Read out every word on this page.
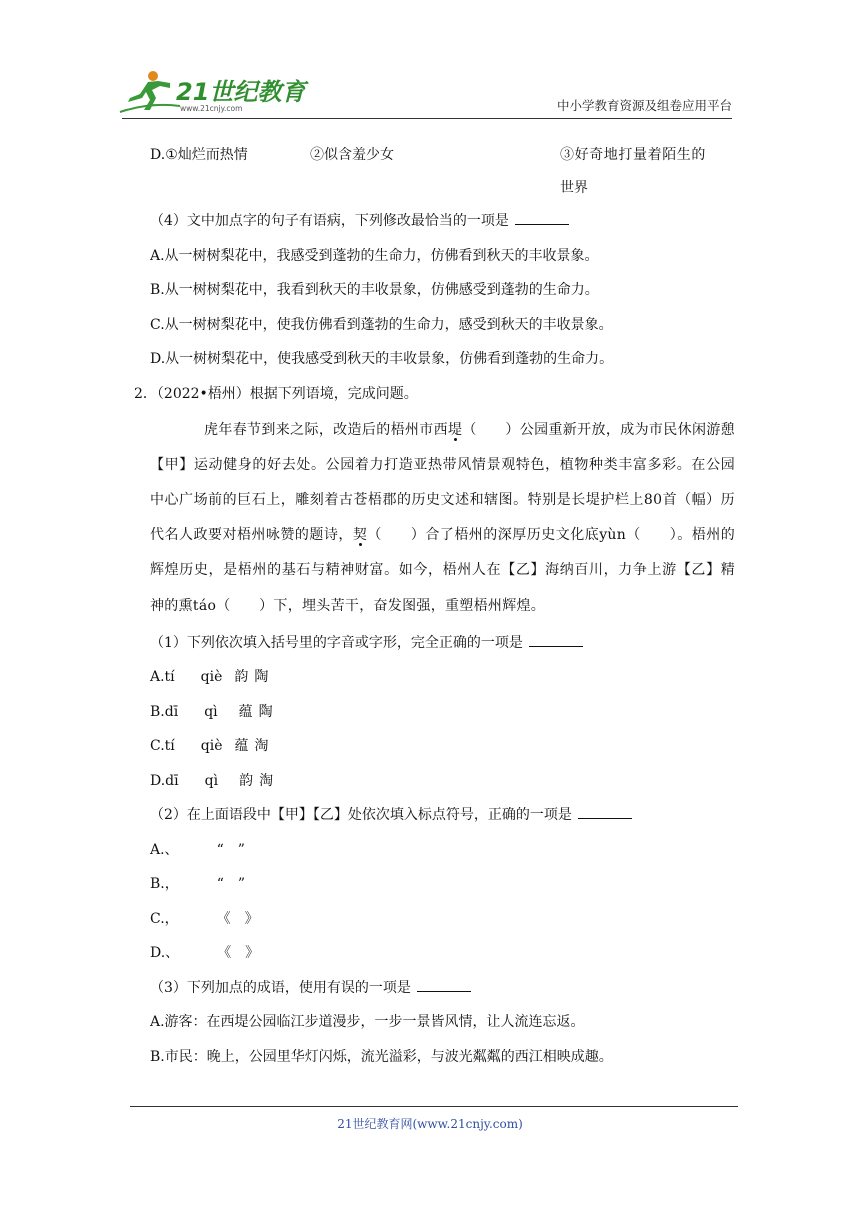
21世纪教育
www.21cnjy.com	中小学教育资源及组卷应用平台
D.①灿烂而热情	②似含羞少女	③好奇地打量着陌生的
世界
（4）文中加点字的句子有语病，下列修改最恰当的一项是
A.从一树树梨花中，我感受到蓬勃的生命力，仿佛看到秋天的丰收景象。
B.从一树树梨花中，我看到秋天的丰收景象，仿佛感受到蓬勃的生命力。
C.从一树树梨花中，使我仿佛看到蓬勃的生命力，感受到秋天的丰收景象。
D.从一树树梨花中，使我感受到秋天的丰收景象，仿佛看到蓬勃的生命力。
2．（2022•梧州）根据下列语境，完成问题。
虎年春节到来之际，改造后的梧州市西堤（　　）公园重新开放，成为市民休闲游憩【甲】运动健身的好去处。公园着力打造亚热带风情景观特色，植物种类丰富多彩。在公园中心广场前的巨石上，雕刻着古苍梧郡的历史文述和辖图。特别是长堤护栏上80首（幅）历代名人政要对梧州咏赞的题诗，契（　　）合了梧州的深厚历史文化底yùn（　　）。梧州的辉煌历史，是梧州的基石与精神财富。如今，梧州人在【乙】海纳百川，力争上游【乙】精神的熏táo（　　）下，埋头苦干，奋发图强，重塑梧州辉煌。
（1）下列依次填入括号里的字音或字形，完全正确的一项是
A.tí qiè 韵 陶
B.dī qì 蕴 陶
C.tí qiè 蕴 淘
D.dī qì 韵 淘
（2）在上面语段中【甲】【乙】处依次填入标点符号，正确的一项是
A.、	“　”
B.，	“　”
C.，	《　》
D.、	《　》
（3）下列加点的成语，使用有误的一项是
A.游客：在西堤公园临江步道漫步，一步一景皆风情，让人流连忘返。
B.市民：晚上，公园里华灯闪烁，流光溢彩，与波光粼粼的西江相映成趣。
21世纪教育网(www.21cnjy.com)
